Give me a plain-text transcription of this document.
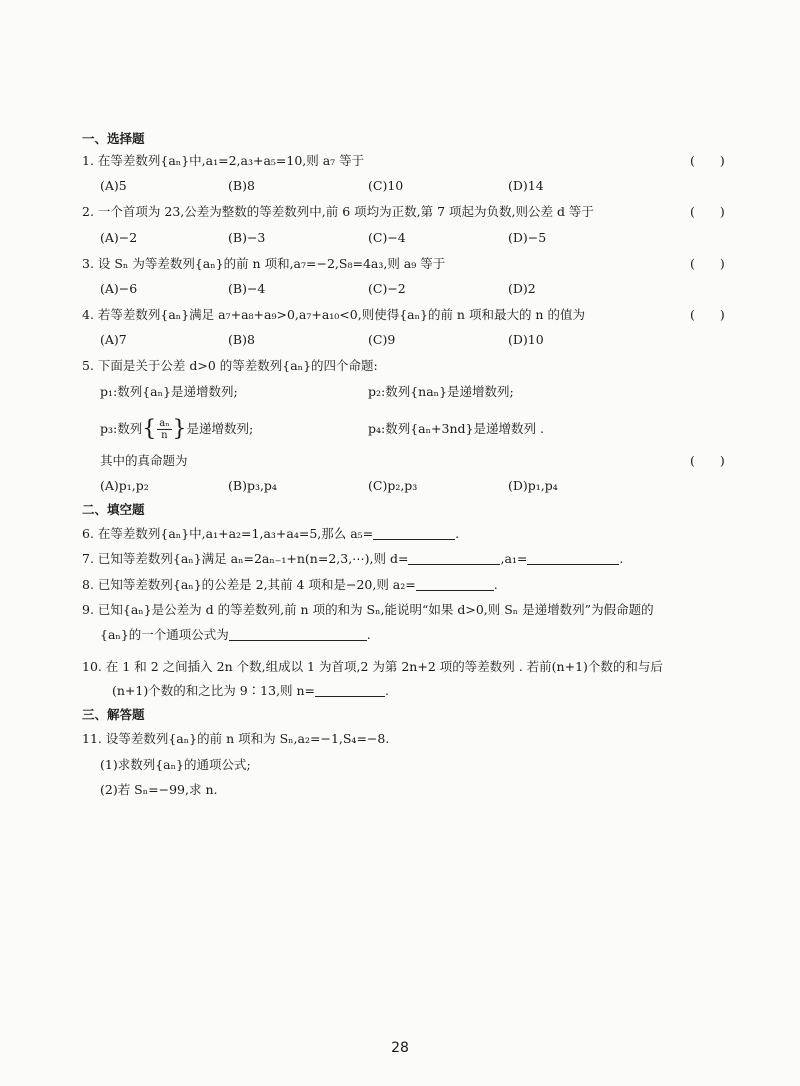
一、选择题
1. 在等差数列{aₙ}中,a₁=2,a₃+a₅=10,则 a₇ 等于	(　　)
(A)5	(B)8	(C)10	(D)14
2. 一个首项为 23,公差为整数的等差数列中,前 6 项均为正数,第 7 项起为负数,则公差 d 等于	(　　)
(A)−2	(B)−3	(C)−4	(D)−5
3. 设 Sₙ 为等差数列{aₙ}的前 n 项和,a₇=−2,S₈=4a₃,则 a₉ 等于	(　　)
(A)−6	(B)−4	(C)−2	(D)2
4. 若等差数列{aₙ}满足 a₇+a₈+a₉>0,a₇+a₁₀<0,则使得{aₙ}的前 n 项和最大的 n 的值为	(　　)
(A)7	(B)8	(C)9	(D)10
5. 下面是关于公差 d>0 的等差数列{aₙ}的四个命题:
p₁:数列{aₙ}是递增数列;	p₂:数列{naₙ}是递增数列;
p₃:数列{ $\frac{\text{aₙ}}{n}$ }是递增数列;	p₄:数列{aₙ+3nd}是递增数列 .
其中的真命题为	(　　)
(A)p₁,p₂	(B)p₃,p₄	(C)p₂,p₃	(D)p₁,p₄
二、填空题
6. 在等差数列{aₙ}中,a₁+a₂=1,a₃+a₄=5,那么 a₅=	.
7. 已知等差数列{aₙ}满足 aₙ=2aₙ₋₁+n(n=2,3,⋯),则 d=	,a₁=	.
8. 已知等差数列{aₙ}的公差是 2,其前 4 项和是−20,则 a₂=	.
9. 已知{aₙ}是公差为 d 的等差数列,前 n 项的和为 Sₙ,能说明“如果 d>0,则 Sₙ 是递增数列”为假命题的
{aₙ}的一个通项公式为	.
10. 在 1 和 2 之间插入 2n 个数,组成以 1 为首项,2 为第 2n+2 项的等差数列 . 若前(n+1)个数的和与后
(n+1)个数的和之比为 9∶13,则 n=	.
三、解答题
11. 设等差数列{aₙ}的前 n 项和为 Sₙ,a₂=−1,S₄=−8.
(1)求数列{aₙ}的通项公式;
(2)若 Sₙ=−99,求 n.
28
